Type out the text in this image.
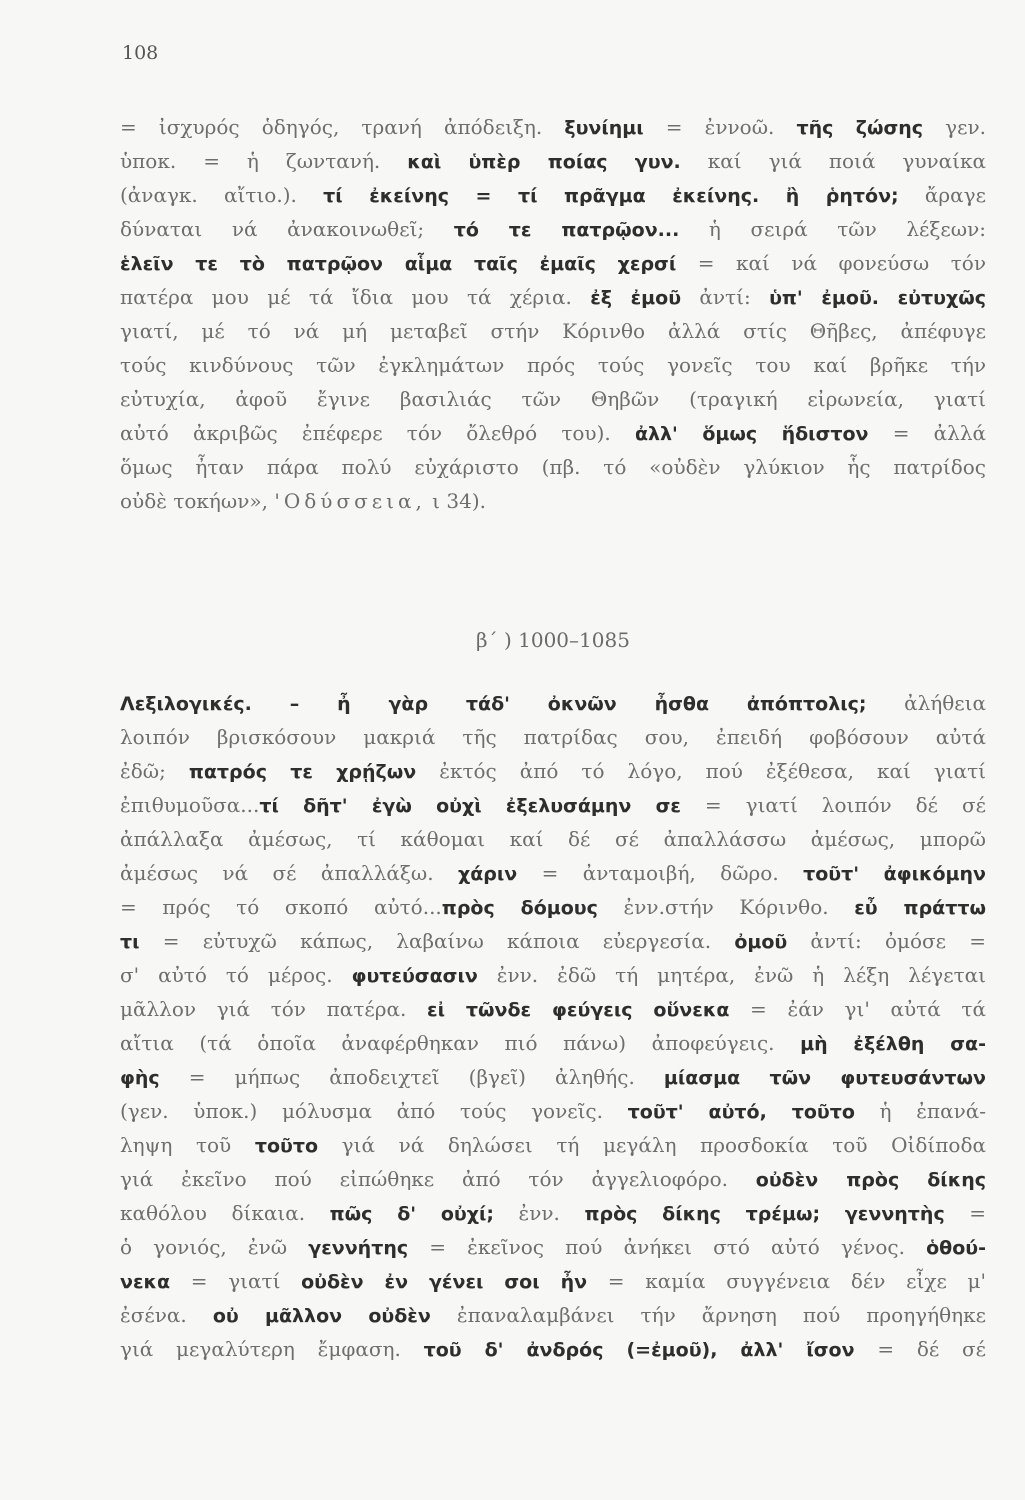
108
= ἰσχυρός ὁδηγός, τρανή ἀπόδειξη. ξυνίημι = ἐννοῶ. τῆς ζώσης γεν.
ὑποκ. = ἡ ζωντανή. καὶ ὑπὲρ ποίας γυν. καί γιά ποιά γυναίκα
(ἀναγκ. αἴτιο.). τί ἐκείνης = τί πρᾶγμα ἐκείνης. ἢ ῥητόν; ἄραγε
δύναται νά ἀνακοινωθεῖ; τό τε πατρῷον... ἡ σειρά τῶν λέξεων:
ἑλεῖν τε τὸ πατρῷον αἷμα ταῖς ἐμαῖς χερσί = καί νά φονεύσω τόν
πατέρα μου μέ τά ἴδια μου τά χέρια. ἐξ ἐμοῦ ἀντί: ὑπ' ἐμοῦ. εὐτυχῶς
γιατί, μέ τό νά μή μεταβεῖ στήν Κόρινθο ἀλλά στίς Θῆβες, ἀπέφυγε
τούς κινδύνους τῶν ἐγκλημάτων πρός τούς γονεῖς του καί βρῆκε τήν
εὐτυχία, ἀφοῦ ἔγινε βασιλιάς τῶν Θηβῶν (τραγική εἰρωνεία, γιατί
αὐτό ἀκριβῶς ἐπέφερε τόν ὄλεθρό του). ἀλλ' ὅμως ἥδιστον = ἀλλά
ὅμως ἦταν πάρα πολύ εὐχάριστο (πβ. τό «οὐδὲν γλύκιον ἧς πατρίδος
οὐδὲ τοκήων», 'Οδύσσεια, ι 34).
β΄ ) 1000–1085
Λεξιλογικές. – ἦ γὰρ τάδ' ὀκνῶν ἦσθα ἀπόπτολις; ἀλήθεια
λοιπόν βρισκόσουν μακριά τῆς πατρίδας σου, ἐπειδή φοβόσουν αὐτά
ἐδῶ; πατρός τε χρῄζων ἐκτός ἀπό τό λόγο, πού ἐξέθεσα, καί γιατί
ἐπιθυμοῦσα...τί δῆτ' ἐγὼ οὐχὶ ἐξελυσάμην σε = γιατί λοιπόν δέ σέ
ἀπάλλαξα ἀμέσως, τί κάθομαι καί δέ σέ ἀπαλλάσσω ἀμέσως, μπορῶ
ἀμέσως νά σέ ἀπαλλάξω. χάριν = ἀνταμοιβή, δῶρο. τοῦτ' ἀφικόμην
= πρός τό σκοπό αὐτό...πρὸς δόμους ἐνν.στήν Κόρινθο. εὖ πράττω
τι = εὐτυχῶ κάπως, λαβαίνω κάποια εὐεργεσία. ὀμοῦ ἀντί: ὀμόσε =
σ' αὐτό τό μέρος. φυτεύσασιν ἐνν. ἐδῶ τή μητέρα, ἐνῶ ἡ λέξη λέγεται
μᾶλλον γιά τόν πατέρα. εἰ τῶνδε φεύγεις οὕνεκα = ἐάν γι' αὐτά τά
αἴτια (τά ὁποῖα ἀναφέρθηκαν πιό πάνω) ἀποφεύγεις. μὴ ἐξέλθη σα-
φὴς = μήπως ἀποδειχτεῖ (βγεῖ) ἀληθής. μίασμα τῶν φυτευσάντων
(γεν. ὑποκ.) μόλυσμα ἀπό τούς γονεῖς. τοῦτ' αὐτό, τοῦτο ἡ ἐπανά-
ληψη τοῦ τοῦτο γιά νά δηλώσει τή μεγάλη προσδοκία τοῦ Οἰδίποδα
γιά ἐκεῖνο πού εἰπώθηκε ἀπό τόν ἀγγελιοφόρο. οὐδὲν πρὸς δίκης
καθόλου δίκαια. πῶς δ' οὐχί; ἐνν. πρὸς δίκης τρέμω; γεννητὴς =
ὁ γονιός, ἐνῶ γεννήτης = ἐκεῖνος πού ἀνήκει στό αὐτό γένος. ὁθού-
νεκα = γιατί οὐδὲν ἐν γένει σοι ἦν = καμία συγγένεια δέν εἶχε μ'
ἐσένα. οὐ μᾶλλον οὐδὲν ἐπαναλαμβάνει τήν ἄρνηση πού προηγήθηκε
γιά μεγαλύτερη ἔμφαση. τοῦ δ' ἀνδρός (=ἐμοῦ), ἀλλ' ἴσον = δέ σέ
